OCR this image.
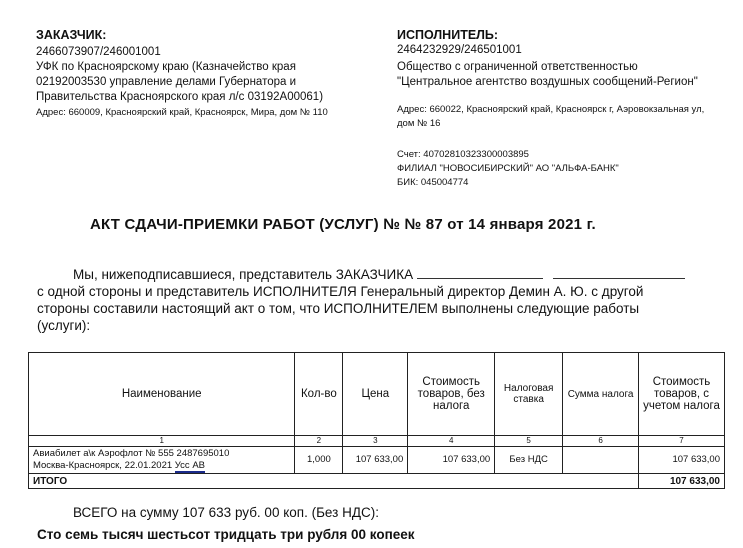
ЗАКАЗЧИК:
2466073907/246001001
УФК по Красноярскому краю (Казначейство края
02192003530 управление делами Губернатора и
Правительства Красноярского края л/с 03192А00061)
Адрес: 660009, Красноярский край, Красноярск, Мира, дом № 110
ИСПОЛНИТЕЛЬ:
2464232929/246501001
Общество с ограниченной ответственностью
"Центральное агентство воздушных сообщений-Регион"
Адрес: 660022, Красноярский край, Красноярск г, Аэровокзальная ул,
дом № 16
Счет: 40702810323300003895
ФИЛИАЛ "НОВОСИБИРСКИЙ" АО "АЛЬФА-БАНК"
БИК: 045004774
АКТ СДАЧИ-ПРИЕМКИ РАБОТ (УСЛУГ) № № 87 от 14 января 2021 г.
Мы, нижеподписавшиеся, представитель ЗАКАЗЧИКА
с одной стороны и представитель ИСПОЛНИТЕЛЯ Генеральный директор Демин А. Ю. с другой
стороны составили настоящий акт о том, что ИСПОЛНИТЕЛЕМ выполнены следующие работы
(услуги):
Наименование	Кол-во	Цена	Стоимость товаров, без налога	Налоговая ставка	Сумма налога	Стоимость товаров, с учетом налога
1	2	3	4	5	6	7

Авиабилет а\к Аэрофлот № 555 2487695010
Москва-Красноярск, 22.01.2021 Усс АВ	1,000	107 633,00	107 633,00	Без НДС		107 633,00
ИТОГО						107 633,00
ВСЕГО на сумму 107 633 руб. 00 коп. (Без НДС):
Сто семь тысяч шестьсот тридцать три рубля 00 копеек
